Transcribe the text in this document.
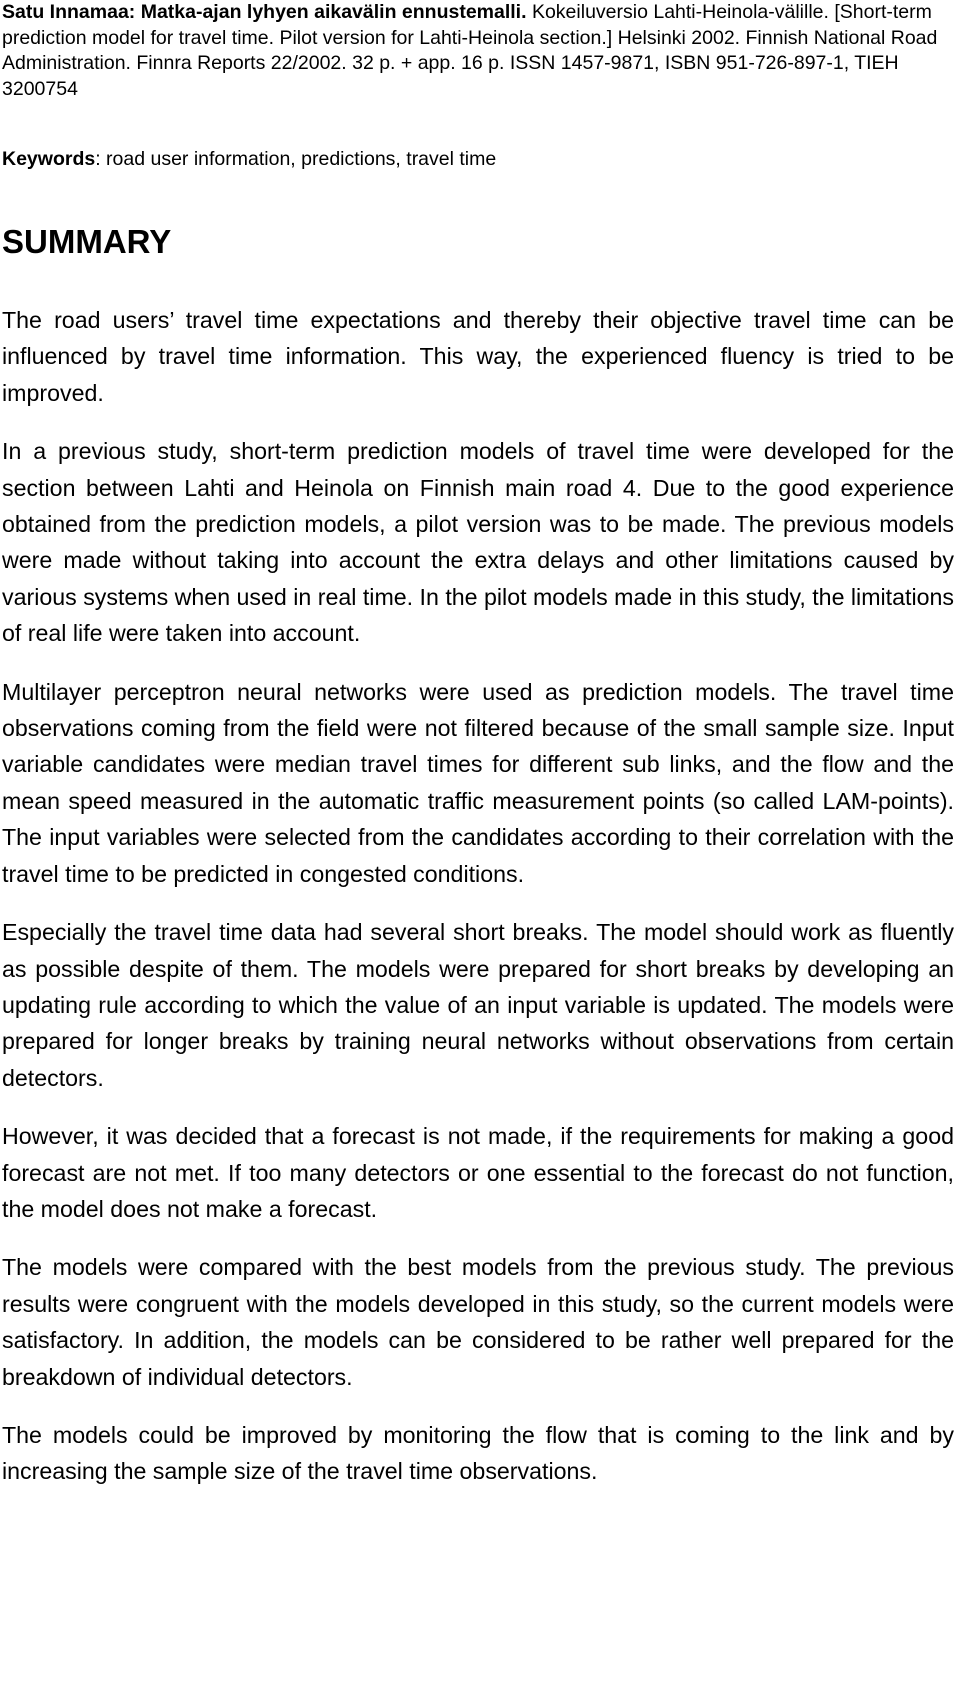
Satu Innamaa: Matka-ajan lyhyen aikavälin ennustemalli. Kokeiluversio Lahti-Heinola-välille. [Short-term prediction model for travel time. Pilot version for Lahti-Heinola section.] Helsinki 2002. Finnish National Road Administration. Finnra Reports 22/2002. 32 p. + app. 16 p. ISSN 1457-9871, ISBN 951-726-897-1, TIEH 3200754

Keywords: road user information, predictions, travel time

SUMMARY

The road users’ travel time expectations and thereby their objective travel time can be influenced by travel time information. This way, the experienced fluency is tried to be improved.

In a previous study, short-term prediction models of travel time were developed for the section between Lahti and Heinola on Finnish main road 4. Due to the good experience obtained from the prediction models, a pilot version was to be made. The previous models were made without taking into account the extra delays and other limitations caused by various systems when used in real time. In the pilot models made in this study, the limitations of real life were taken into account.

Multilayer perceptron neural networks were used as prediction models. The travel time observations coming from the field were not filtered because of the small sample size. Input variable candidates were median travel times for different sub links, and the flow and the mean speed measured in the automatic traffic measurement points (so called LAM-points). The input variables were selected from the candidates according to their correlation with the travel time to be predicted in congested conditions.

Especially the travel time data had several short breaks. The model should work as fluently as possible despite of them. The models were prepared for short breaks by developing an updating rule according to which the value of an input variable is updated. The models were prepared for longer breaks by training neural networks without observations from certain detectors.

However, it was decided that a forecast is not made, if the requirements for making a good forecast are not met. If too many detectors or one essential to the forecast do not function, the model does not make a forecast.

The models were compared with the best models from the previous study. The previous results were congruent with the models developed in this study, so the current models were satisfactory. In addition, the models can be considered to be rather well prepared for the breakdown of individual detectors.

The models could be improved by monitoring the flow that is coming to the link and by increasing the sample size of the travel time observations.
